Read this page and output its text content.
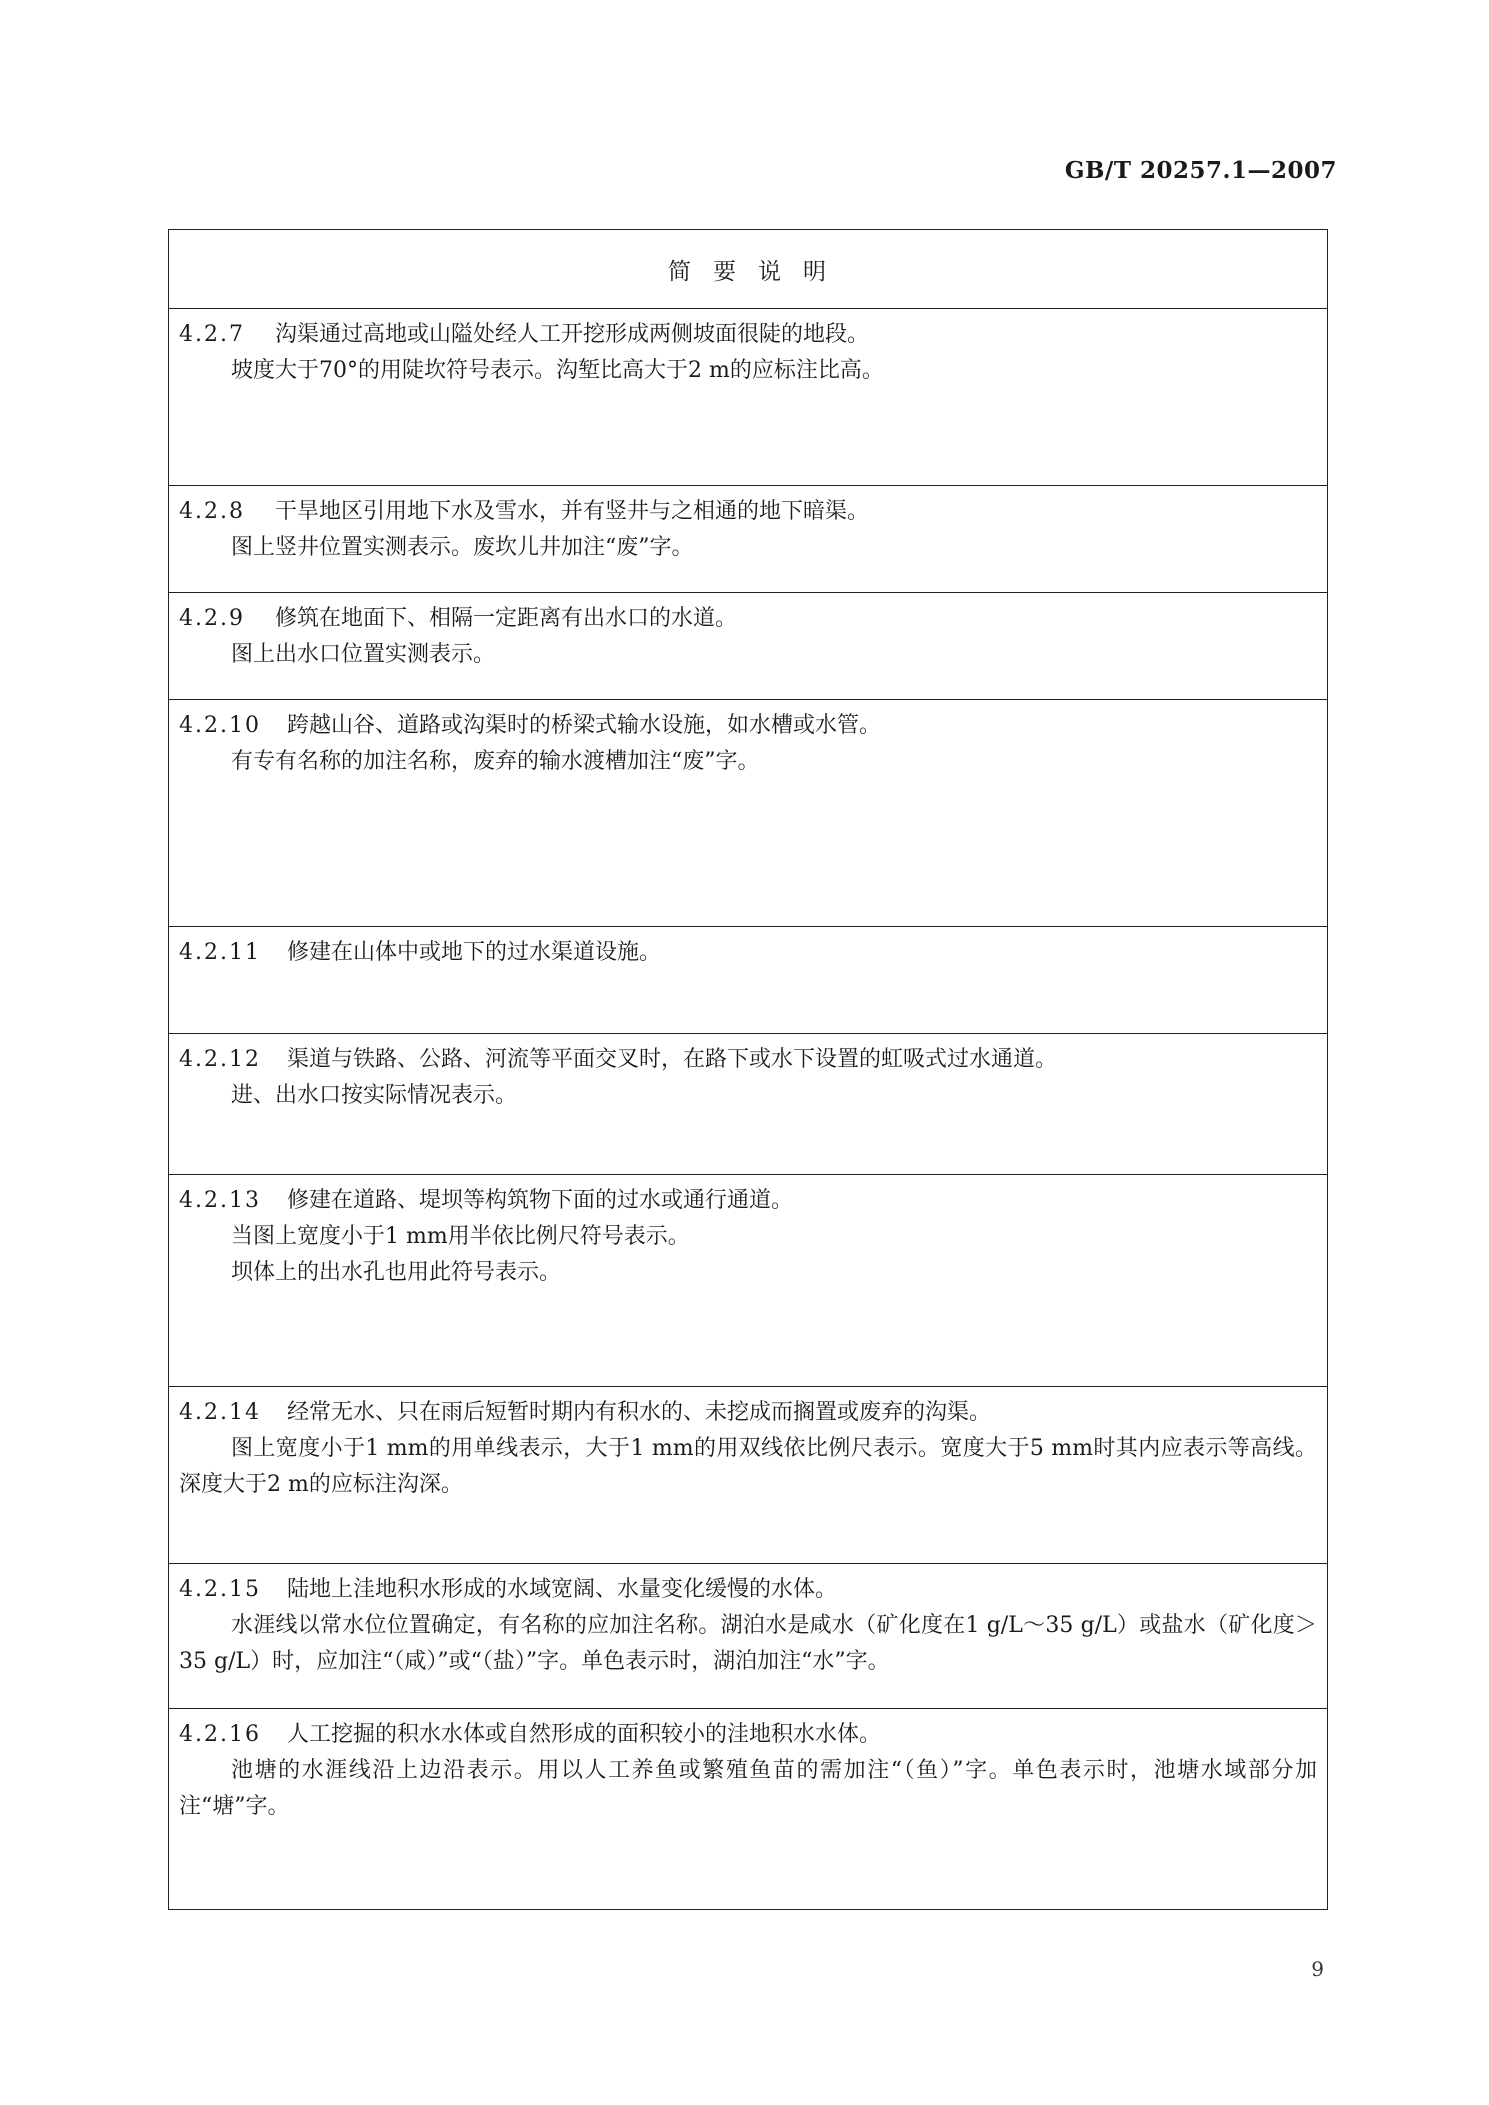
GB/T 20257.1—2007
简要说明

4.2.7 沟渠通过高地或山隘处经人工开挖形成两侧坡面很陡的地段。
坡度大于70°的用陡坎符号表示。沟堑比高大于2 m的应标注比高。

4.2.8 干旱地区引用地下水及雪水，并有竖井与之相通的地下暗渠。
图上竖井位置实测表示。废坎儿井加注“废”字。

4.2.9 修筑在地面下、相隔一定距离有出水口的水道。
图上出水口位置实测表示。

4.2.10 跨越山谷、道路或沟渠时的桥梁式输水设施，如水槽或水管。
有专有名称的加注名称，废弃的输水渡槽加注“废”字。

4.2.11 修建在山体中或地下的过水渠道设施。

4.2.12 渠道与铁路、公路、河流等平面交叉时，在路下或水下设置的虹吸式过水通道。
进、出水口按实际情况表示。

4.2.13 修建在道路、堤坝等构筑物下面的过水或通行通道。
当图上宽度小于1 mm用半依比例尺符号表示。
坝体上的出水孔也用此符号表示。

4.2.14 经常无水、只在雨后短暂时期内有积水的、未挖成而搁置或废弃的沟渠。
图上宽度小于1 mm的用单线表示，大于1 mm的用双线依比例尺表示。宽度大于5 mm时其内应表示等高线。深度大于2 m的应标注沟深。

4.2.15 陆地上洼地积水形成的水域宽阔、水量变化缓慢的水体。
水涯线以常水位位置确定，有名称的应加注名称。湖泊水是咸水（矿化度在1 g/L～35 g/L）或盐水（矿化度＞35 g/L）时，应加注“（咸）”或“（盐）”字。单色表示时，湖泊加注“水”字。

4.2.16 人工挖掘的积水水体或自然形成的面积较小的洼地积水水体。
池塘的水涯线沿上边沿表示。用以人工养鱼或繁殖鱼苗的需加注“（鱼）”字。单色表示时，池塘水域部分加注“塘”字。
9
